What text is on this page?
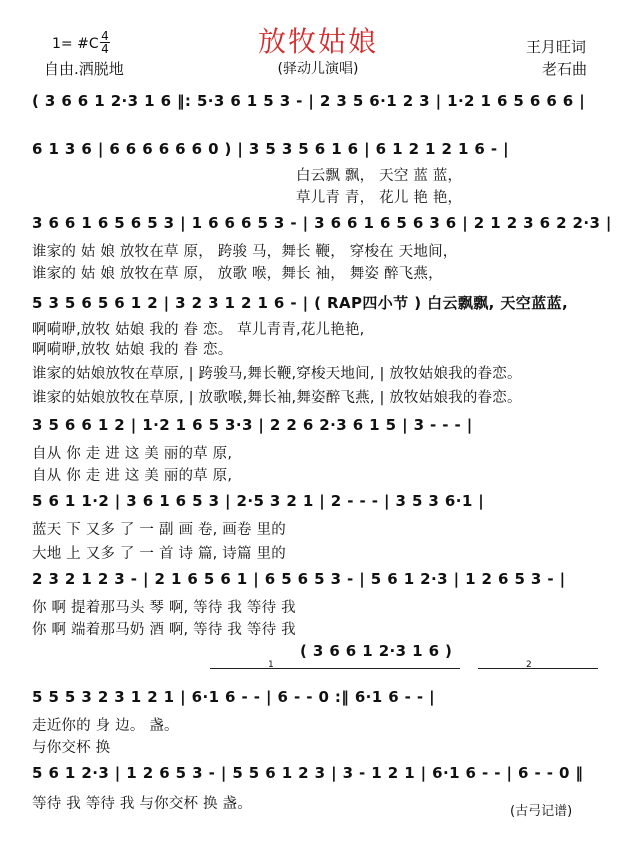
放牧姑娘
1= #C 4
4	王月旺词
自由.洒脱地	(驿动儿演唱)	老石曲
( 3 6 6 1 2·3 1 6 ‖: 5·3 6 1 5 3 - | 2 3 5 6·1 2 3 | 1·2 1 6 5 6 6 6 |
6 1 3 6 | 6 6 6 6 6 6 0 ) | 3 5 3 5 6 1 6 | 6 1 2 1 2 1 6 - |
白云飘 飘， 天空 蓝 蓝，
草儿青 青， 花儿 艳 艳，
3 6 6 1 6 5 6 5 3 | 1 6 6 6 5 3 - | 3 6 6 1 6 5 6 3 6 | 2 1 2 3 6 2 2·3 |
谁家的 姑 娘 放牧在草 原， 跨骏 马，舞长 鞭， 穿梭在 天地间，
谁家的 姑 娘 放牧在草 原， 放歌 喉，舞长 袖， 舞姿 醉飞燕，
5 3 5 6 5 6 1 2 | 3 2 3 1 2 1 6 - | ( RAP四小节 ) 白云飘飘, 天空蓝蓝,
啊嗬咿,放牧 姑娘 我的 眷 恋。 草儿青青,花儿艳艳,
啊嗬咿,放牧 姑娘 我的 眷 恋。
谁家的姑娘放牧在草原, | 跨骏马,舞长鞭,穿梭天地间, | 放牧姑娘我的眷恋。
谁家的姑娘放牧在草原, | 放歌喉,舞长袖,舞姿醉飞燕, | 放牧姑娘我的眷恋。
3 5 6 6 1 2 | 1·2 1 6 5 3·3 | 2 2 6 2·3 6 1 5 | 3 - - - |
自从 你 走 进 这 美 丽的草 原,
自从 你 走 进 这 美 丽的草 原,
5 6 1 1·2 | 3 6 1 6 5 3 | 2·5 3 2 1 | 2 - - - | 3 5 3 6·1 |
蓝天 下 又多 了 一 副 画 卷, 画卷 里的
大地 上 又多 了 一 首 诗 篇, 诗篇 里的
2 3 2 1 2 3 - | 2 1 6 5 6 1 | 6 5 6 5 3 - | 5 6 1 2·3 | 1 2 6 5 3 - |
你 啊 提着那马头 琴 啊, 等待 我 等待 我
你 啊 端着那马奶 酒 啊, 等待 我 等待 我
( 3 6 6 1 2·3 1 6 )
1	2
5 5 5 3 2 3 1 2 1 | 6·1 6 - - | 6 - - 0 :‖ 6·1 6 - - |
走近你的 身 边。 盏。
与你交杯 换
5 6 1 2·3 | 1 2 6 5 3 - | 5 5 6 1 2 3 | 3 - 1 2 1 | 6·1 6 - - | 6 - - 0 ‖
等待 我 等待 我 与你交杯 换 盏。	(古弓记谱)
